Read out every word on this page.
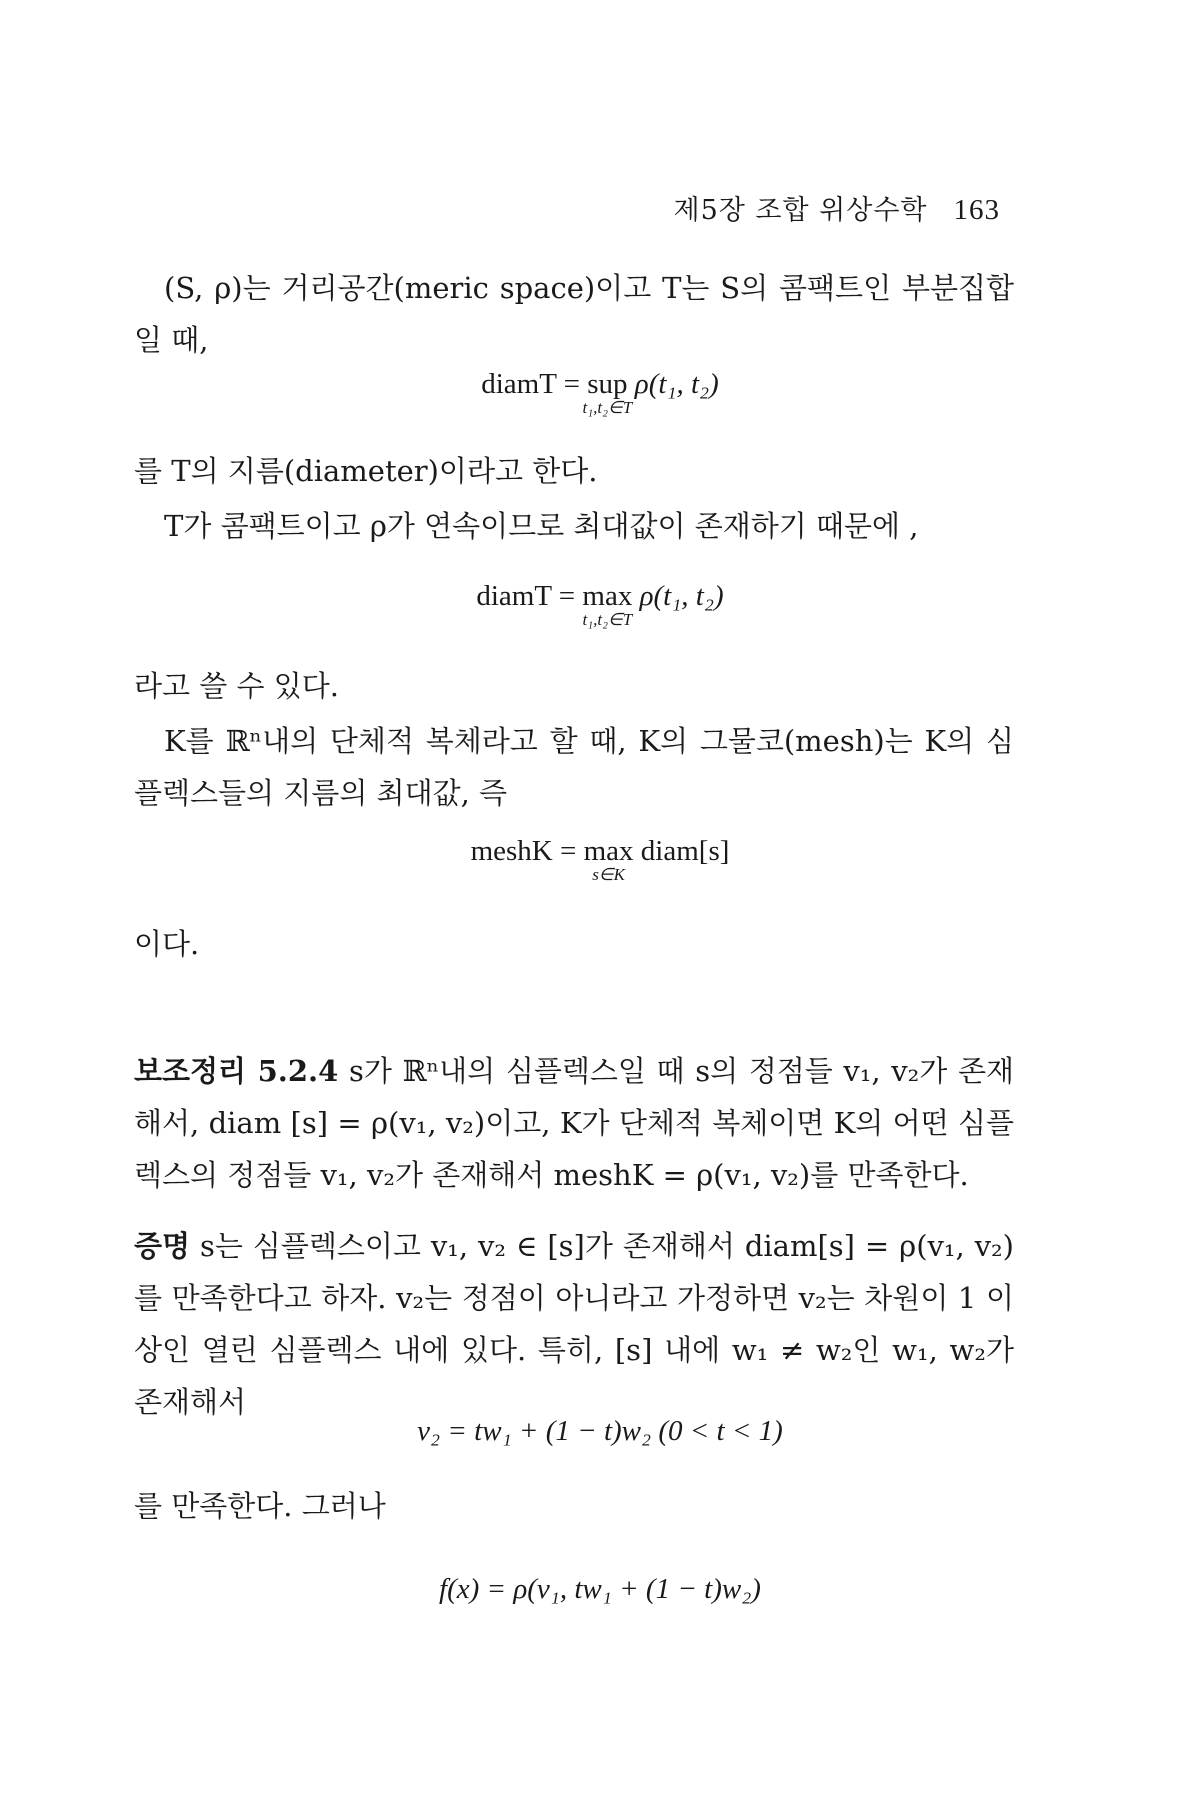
제5장 조합 위상수학 163
(S, ρ)는 거리공간(meric space)이고 T는 S의 콤팩트인 부분집합 일 때,
diamT = sup
t₁,t₂∈T
ρ(t₁, t₂)
를 T의 지름(diameter)이라고 한다.
T가 콤팩트이고 ρ가 연속이므로 최대값이 존재하기 때문에 ,
diamT = max
t₁,t₂∈T
ρ(t₁, t₂)
라고 쓸 수 있다.
K를 ℝⁿ내의 단체적 복체라고 할 때, K의 그물코(mesh)는 K의 심플렉스들의 지름의 최대값, 즉
meshK = max
s∈K
diam[s]
이다.
보조정리 5.2.4 s가 ℝⁿ내의 심플렉스일 때 s의 정점들 v₁, v₂가 존재해서, diam [s] = ρ(v₁, v₂)이고, K가 단체적 복체이면 K의 어떤 심플렉스의 정점들 v₁, v₂가 존재해서 meshK = ρ(v₁, v₂)를 만족한다.
증명 s는 심플렉스이고 v₁, v₂ ∈ [s]가 존재해서 diam[s] = ρ(v₁, v₂)를 만족한다고 하자. v₂는 정점이 아니라고 가정하면 v₂는 차원이 1 이상인 열린 심플렉스 내에 있다. 특히, [s] 내에 w₁ ≠ w₂인 w₁, w₂가 존재해서
v₂ = tw₁ + (1 − t)w₂ (0 < t < 1)
를 만족한다. 그러나
f(x) = ρ(v₁, tw₁ + (1 − t)w₂)
